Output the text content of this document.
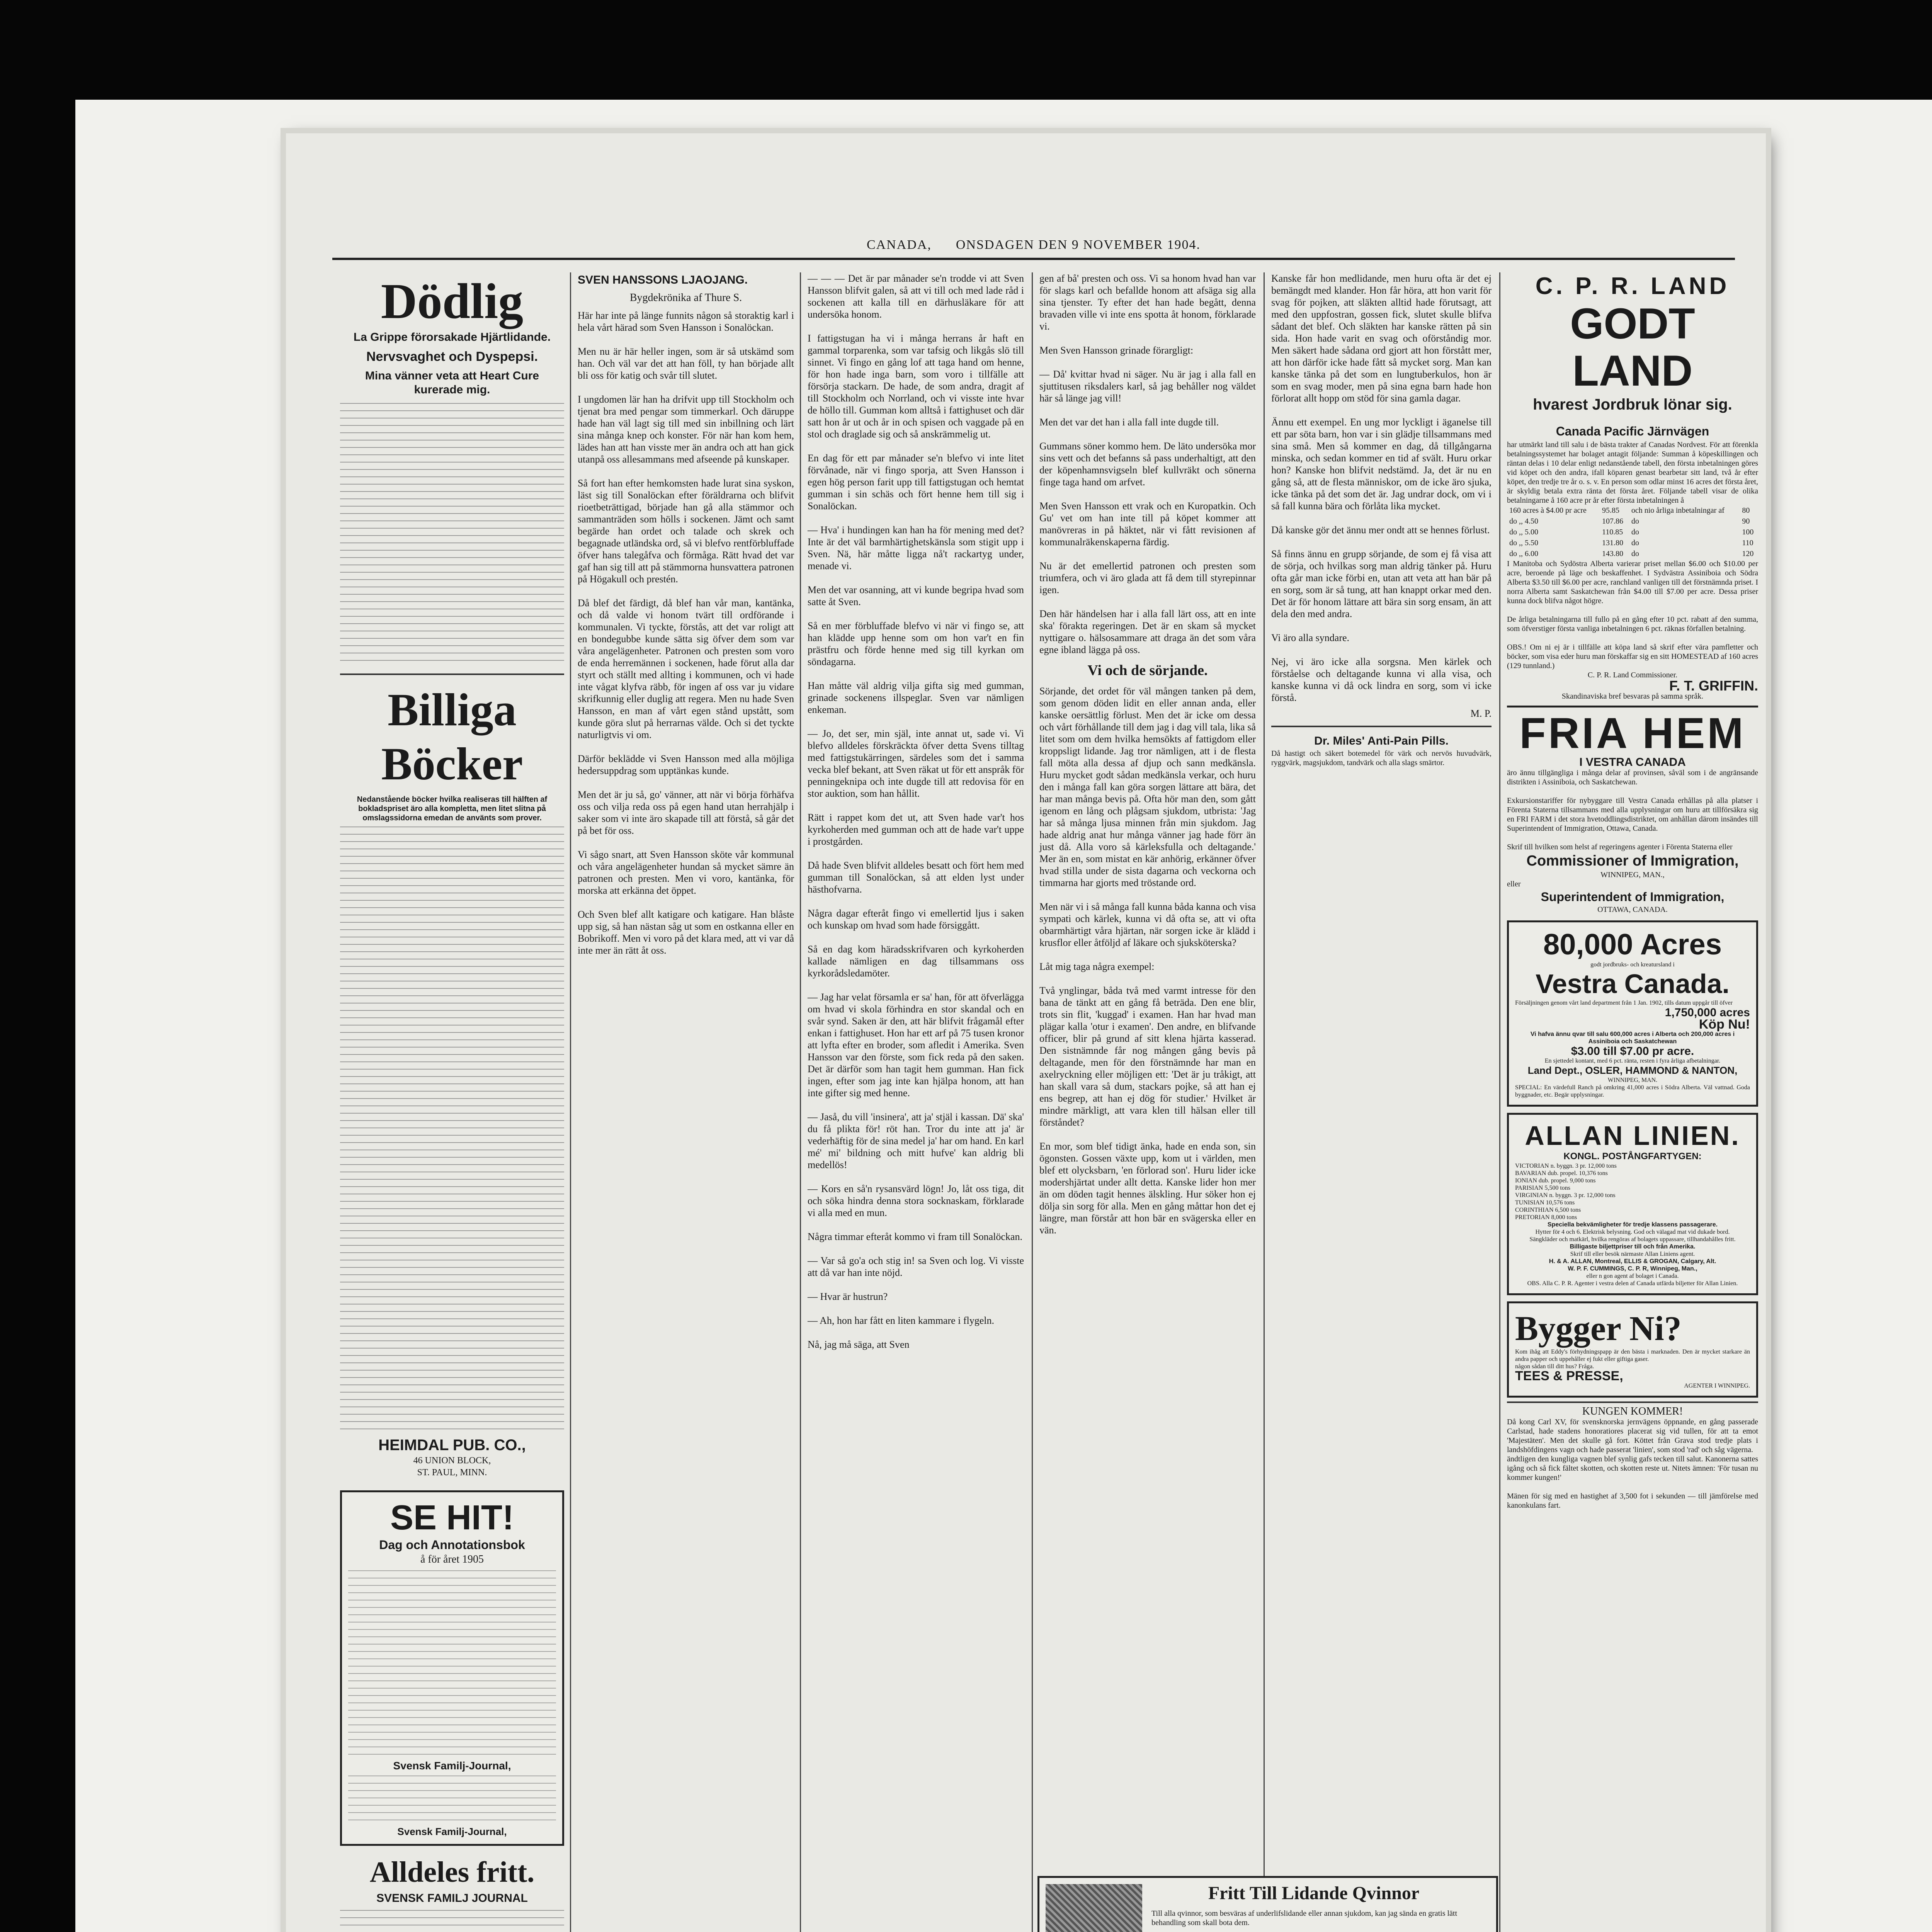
CANADA, ONSDAGEN DEN 9 NOVEMBER 1904.
Dödlig
La Grippe förorsakade Hjärtlidande.
Nervsvaghet och Dyspepsi.
Mina vänner veta att Heart Cure kurerade mig.
Billiga Böcker
Nedanstående böcker hvilka realiseras till hälften af bokladspriset äro alla kompletta, men litet slitna på omslagssidorna emedan de använts som prover.
HEIMDAL PUB. CO.,
46 UNION BLOCK,
ST. PAUL, MINN.
SE HIT!
Dag och Annotationsbok
å för året 1905
Svensk Familj-Journal,
Svensk Familj-Journal,
Alldeles fritt.
SVENSK FAMILJ JOURNAL
SVEN HANSSONS LJAOJANG.
Bygdekrönika af Thure S.
Här har inte på länge funnits någon så storaktig karl i hela vårt härad som Sven Hansson i Sonalöckan.

Men nu är här heller ingen, som är så utskämd som han. Och väl var det att han föll, ty han började allt bli oss för katig och svår till slutet.

I ungdomen lär han ha drifvit upp till Stockholm och tjenat bra med pengar som timmerkarl. Och däruppe hade han väl lagt sig till med sin inbillning och lärt sina många knep och konster. För när han kom hem, lädes han att han visste mer än andra och att han gick utanpå oss allesammans med afseende på kunskaper.

Så fort han efter hemkomsten hade lurat sina syskon, läst sig till Sonalöckan efter föräldrarna och blifvit rioetbeträttigad, började han gå alla stämmor och sammanträden som hölls i sockenen. Jämt och samt begärde han ordet och talade och skrek och begagnade utländska ord, så vi blefvo rentförbluffade öfver hans talegåfva och förmåga. Rätt hvad det var gaf han sig till att på stämmorna hunsvattera patronen på Högakull och prestén.

Då blef det färdigt, då blef han vår man, kantänka, och då valde vi honom tvärt till ordförande i kommunalen. Vi tyckte, förstås, att det var roligt att en bondegubbe kunde sätta sig öfver dem som var våra angelägenheter. Patronen och presten som voro de enda herremännen i sockenen, hade förut alla dar styrt och ställt med allting i kommunen, och vi hade inte vågat klyfva räbb, för ingen af oss var ju vidare skrifkunnig eller duglig att regera. Men nu hade Sven Hansson, en man af vårt egen stånd upstått, som kunde göra slut på herrarnas välde. Och si det tyckte naturligtvis vi om.

Därför beklädde vi Sven Hansson med alla möjliga hedersuppdrag som upptänkas kunde.

Men det är ju så, go' vänner, att när vi börja förhäfva oss och vilja reda oss på egen hand utan herrahjälp i saker som vi inte äro skapade till att förstå, så går det på bet för oss.

Vi sågo snart, att Sven Hansson sköte vår kommunal och våra angelägenheter hundan så mycket sämre än patronen och presten. Men vi voro, kantänka, för morska att erkänna det öppet.

Och Sven blef allt katigare och katigare. Han blåste upp sig, så han nästan såg ut som en ostkanna eller en Bobrikoff. Men vi voro på det klara med, att vi var då inte mer än rätt åt oss.
— — — Det är par månader se'n trodde vi att Sven Hansson blifvit galen, så att vi till och med lade råd i sockenen att kalla till en därhusläkare för att undersöka honom.

I fattigstugan ha vi i många herrans år haft en gammal torparenka, som var tafsig och likgås slö till sinnet. Vi fingo en gång lof att taga hand om henne, för hon hade inga barn, som voro i tillfälle att försörja stackarn. De hade, de som andra, dragit af till Stockholm och Norrland, och vi visste inte hvar de höllo till. Gumman kom alltså i fattighuset och där satt hon år ut och år in och spisen och vaggade på en stol och draglade sig och så anskrämmelig ut.

En dag för ett par månader se'n blefvo vi inte litet förvånade, när vi fingo sporja, att Sven Hansson i egen hög person farit upp till fattigstugan och hemtat gumman i sin schäs och fört henne hem till sig i Sonalöckan.

— Hva' i hundingen kan han ha för mening med det? Inte är det väl barmhärtighetskänsla som stigit upp i Sven. Nä, här måtte ligga nå't rackartyg under, menade vi.

Men det var osanning, att vi kunde begripa hvad som satte åt Sven.

Så en mer förbluffade blefvo vi när vi fingo se, att han klädde upp henne som om hon var't en fin prästfru och förde henne med sig till kyrkan om söndagarna.

Han måtte väl aldrig vilja gifta sig med gumman, grinade sockenens illspeglar. Sven var nämligen enkeman.

— Jo, det ser, min själ, inte annat ut, sade vi. Vi blefvo alldeles förskräckta öfver detta Svens tilltag med fattigstukärringen, särdeles som det i samma vecka blef bekant, att Sven räkat ut för ett anspråk för penningeknipa och inte dugde till att redovisa för en stor auktion, som han hållit.

Rätt i rappet kom det ut, att Sven hade var't hos kyrkoherden med gumman och att de hade var't uppe i prostgården.

Då hade Sven blifvit alldeles besatt och fört hem med gumman till Sonalöckan, så att elden lyst under hästhofvarna.

Några dagar efteråt fingo vi emellertid ljus i saken och kunskap om hvad som hade försiggått.

Så en dag kom häradsskrifvaren och kyrkoherden kallade nämligen en dag tillsammans oss kyrkorådsledamöter.

— Jag har velat församla er sa' han, för att öfverlägga om hvad vi skola förhindra en stor skandal och en svår synd. Saken är den, att här blifvit frågamål efter enkan i fattighuset. Hon har ett arf på 75 tusen kronor att lyfta efter en broder, som afledit i Amerika. Sven Hansson var den förste, som fick reda på den saken. Det är därför som han tagit hem gumman. Han fick ingen, efter som jag inte kan hjälpa honom, att han inte gifter sig med henne.

— Jaså, du vill 'insinera', att ja' stjäl i kassan. Dä' ska' du få plikta för! röt han. Tror du inte att ja' är vederhäftig för de sina medel ja' har om hand. En karl mé' mi' bildning och mitt hufve' kan aldrig bli medellös!

— Kors en så'n rysansvärd lögn! Jo, låt oss tiga, dit och söka hindra denna stora socknaskam, förklarade vi alla med en mun.

Några timmar efteråt kommo vi fram till Sonalöckan.

— Var så go'a och stig in! sa Sven och log. Vi visste att då var han inte nöjd.

— Hvar är hustrun?

— Ah, hon har fått en liten kammare i flygeln.

Nå, jag må säga, att Sven
gen af bå' presten och oss. Vi sa honom hvad han var för slags karl och befallde honom att afsäga sig alla sina tjenster. Ty efter det han hade begått, denna bravaden ville vi inte ens spotta åt honom, förklarade vi.

Men Sven Hansson grinade förargligt:

— Då' kvittar hvad ni säger. Nu är jag i alla fall en sjuttitusen riksdalers karl, så jag behåller nog väldet här så länge jag vill!

Men det var det han i alla fall inte dugde till.

Gummans söner kommo hem. De läto undersöka mor sins vett och det befanns så pass underhaltigt, att den der köpenhamnsvigseln blef kullvräkt och sönerna finge taga hand om arfvet.

Men Sven Hansson ett vrak och en Kuropatkin. Och Gu' vet om han inte till på köpet kommer att manövreras in på häktet, när vi fått revisionen af kommunalräkenskaperna färdig.

Nu är det emellertid patronen och presten som triumfera, och vi äro glada att få dem till styrepinnar igen.

Den här händelsen har i alla fall lärt oss, att en inte ska' förakta regeringen. Det är en skam så mycket nyttigare o. hälsosammare att draga än det som våra egne ibland lägga på oss.
Vi och de sörjande.
Sörjande, det ordet för väl mången tanken på dem, som genom döden lidit en eller annan anda, eller kanske oersättlig förlust. Men det är icke om dessa och vårt förhållande till dem jag i dag vill tala, lika så litet som om dem hvilka hemsökts af fattigdom eller kroppsligt lidande. Jag tror nämligen, att i de flesta fall möta alla dessa af djup och sann medkänsla. Huru mycket godt sådan medkänsla verkar, och huru den i många fall kan göra sorgen lättare att bära, det har man många bevis på. Ofta hör man den, som gått igenom en lång och plågsam sjukdom, utbrista: 'Jag har så många ljusa minnen från min sjukdom. Jag hade aldrig anat hur många vänner jag hade förr än just då. Alla voro så kärleksfulla och deltagande.' Mer än en, som mistat en kär anhörig, erkänner öfver hvad stilla under de sista dagarna och veckorna och timmarna har gjorts med tröstande ord.

Men när vi i så många fall kunna båda kanna och visa sympati och kärlek, kunna vi då ofta se, att vi ofta obarmhärtigt våra hjärtan, när sorgen icke är klädd i krusflor eller åtföljd af läkare och sjuksköterska?

Låt mig taga några exempel:

Två ynglingar, båda två med varmt intresse för den bana de tänkt att en gång få beträda. Den ene blir, trots sin flit, 'kuggad' i examen. Han har hvad man plägar kalla 'otur i examen'. Den andre, en blifvande officer, blir på grund af sitt klena hjärta kasserad. Den sistnämnde får nog mången gång bevis på deltagande, men för den förstnämnde har man en axelryckning eller möjligen ett: 'Det är ju tråkigt, att han skall vara så dum, stackars pojke, så att han ej ens begrep, att han ej dög för studier.' Hvilket är mindre märkligt, att vara klen till hälsan eller till förståndet?

En mor, som blef tidigt änka, hade en enda son, sin ögonsten. Gossen växte upp, kom ut i världen, men blef ett olycksbarn, 'en förlorad son'. Huru lider icke modershjärtat under allt detta. Kanske lider hon mer än om döden tagit hennes älskling. Hur söker hon ej dölja sin sorg för alla. Men en gång måttar hon det ej längre, man förstår att hon bär en svägerska eller en vän.
Kanske får hon medlidande, men huru ofta är det ej bemängdt med klander. Hon får höra, att hon varit för svag för pojken, att släkten alltid hade förutsagt, att med den uppfostran, gossen fick, slutet skulle blifva sådant det blef. Och släkten har kanske rätten på sin sida. Hon hade varit en svag och oförståndig mor. Men säkert hade sådana ord gjort att hon förstått mer, att hon därför icke hade fått så mycket sorg. Man kan kanske tänka på det som en lungtuberkulos, hon är som en svag moder, men på sina egna barn hade hon förlorat allt hopp om stöd för sina gamla dagar.

Ännu ett exempel. En ung mor lyckligt i äganelse till ett par söta barn, hon var i sin glädje tillsammans med sina små. Men så kommer en dag, då tillgångarna minska, och sedan kommer en tid af svält. Huru orkar hon? Kanske hon blifvit nedstämd. Ja, det är nu en gång så, att de flesta människor, om de icke äro sjuka, icke tänka på det som det är. Jag undrar dock, om vi i så fall kunna bära och förlåta lika mycket.

Då kanske gör det ännu mer ondt att se hennes förlust.

Så finns ännu en grupp sörjande, de som ej få visa att de sörja, och hvilkas sorg man aldrig tänker på. Huru ofta går man icke förbi en, utan att veta att han bär på en sorg, som är så tung, att han knappt orkar med den. Det är för honom lättare att bära sin sorg ensam, än att dela den med andra.

Vi äro alla syndare.

Nej, vi äro icke alla sorgsna. Men kärlek och förståelse och deltagande kunna vi alla visa, och kanske kunna vi då ock lindra en sorg, som vi icke förstå.
M. P.
Dr. Miles' Anti-Pain Pills.
Då hastigt och säkert botemedel för värk och nervös huvudvärk, ryggvärk, magsjukdom, tandvärk och alla slags smärtor.
Fritt Till Lidande Qvinnor
Till alla qvinnor, som besväras af underlifslidande eller annan sjukdom, kan jag sända en gratis lätt behandling som skall bota dem.
C. P. R. LAND
GODT LAND
hvarest Jordbruk lönar sig.
Canada Pacific Järnvägen
har utmärkt land till salu i de bästa trakter af Canadas Nordvest. För att förenkla betalningssystemet har bolaget antagit följande: Summan å köpeskillingen och räntan delas i 10 delar enligt nedanstående tabell, den första inbetalningen göres vid köpet och den andra, ifall köparen genast bearbetar sitt land, två år efter köpet, den tredje tre år o. s. v. En person som odlar minst 16 acres det första året, är skyldig betala extra ränta det första året. Följande tabell visar de olika betalningarne å 160 acre pr år efter första inbetalningen å
160 acres à $4.00 pr acre	95.85	och nio årliga inbetalningar af	80
do ,, 4.50	107.86	do	90
do ,, 5.00	110.85	do	100
do ,, 5.50	131.80	do	110
do ,, 6.00	143.80	do	120
I Manitoba och Sydöstra Alberta varierar priset mellan $6.00 och $10.00 per acre, beroende på läge och beskaffenhet. I Sydvästra Assiniboia och Södra Alberta $3.50 till $6.00 per acre, ranchland vanligen till det förstnämnda priset. I norra Alberta samt Saskatchewan från $4.00 till $7.00 per acre. Dessa priser kunna dock blifva något högre.

De årliga betalningarna till fullo på en gång efter 10 pct. rabatt af den summa, som öfverstiger första vanliga inbetalningen 6 pct. räknas förfallen betalning.

OBS.! Om ni ej är i tillfälle att köpa land så skrif efter vära pamfletter och böcker, som visa eder huru man förskaffar sig en sitt HOMESTEAD af 160 acres (129 tunnland.)
C. P. R. Land Commissioner.
F. T. GRIFFIN.
Skandinaviska bref besvaras på samma språk.
FRIA HEM
I VESTRA CANADA
äro ännu tillgängliga i många delar af provinsen, såväl som i de angränsande distrikten i Assiniboia, och Saskatchewan.

Exkursionstariffer för nybyggare till Vestra Canada erhållas på alla platser i Förenta Staterna tillsammans med alla upplysningar om huru att tillförsäkra sig en FRI FARM i det stora hvetoddlingsdistriktet, om anhållan därom insändes till Superintendent of Immigration, Ottawa, Canada.

Skrif till hvilken som helst af regeringens agenter i Förenta Staterna eller
Commissioner of Immigration,
WINNIPEG, MAN.,
eller
Superintendent of Immigration,
OTTAWA, CANADA.
80,000 Acres
godt jordbruks- och kreatursland i
Vestra Canada.
Försäljningen genom vårt land department från 1 Jan. 1902, tills datum uppgår till öfver
1,750,000 acres
Köp Nu!
Vi hafva ännu qvar till salu 600,000 acres i Alberta och 200,000 acres i Assiniboia och Saskatchewan
$3.00 till $7.00 pr acre.
En sjettedel kontant, med 6 pct. ränta, resten i fyra årliga afbetalningar.
Land Dept., OSLER, HAMMOND & NANTON,
WINNIPEG, MAN.
SPECIAL: En värdefull Ranch på omkring 41,000 acres i Södra Alberta. Väl vattnad. Goda byggnader, etc. Begär upplysningar.
ALLAN LINIEN.
KONGL. POSTÅNGFARTYGEN:
VICTORIAN n. byggn. 3 pr. 12,000 tons
BAVARIAN dub. propel. 10,376 tons
IONIAN dub. propel. 9,000 tons
PARISIAN 5,500 tons
VIRGINIAN n. byggn. 3 pr. 12,000 tons
TUNISIAN 10,576 tons
CORINTHIAN 6,500 tons
PRETORIAN 8,000 tons
Speciella bekvämligheter för tredje klassens passagerare.
Hytter för 4 och 6. Elektrisk belysning. God och välagad mat vid dukade bord.
Sängkläder och matkärl, hvilka rengöras af bolagets uppassare, tillhandahålles fritt.
Billigaste biljettpriser till och från Amerika.
Skrif till eller besök närmaste Allan Liniens agent.
H. & A. ALLAN, Montreal, ELLIS & GROGAN, Calgary, Alt.
W. P. F. CUMMINGS, C. P. R, Winnipeg, Man.,
eller n gon agent af bolaget i Canada.
OBS. Alla C. P. R. Agenter i vestra delen af Canada utfärda biljetter för Allan Linien.
Bygger Ni?
Kom ihåg att Eddy's förhydningspapp är den bästa i marknaden. Den är mycket starkare än andra papper och uppehåller ej fukt eller giftiga gaser.
någon sådan till ditt hus? Fråga.
TEES & PRESSE,
AGENTER I WINNIPEG.
KUNGEN KOMMER!
Då kong Carl XV, för svensknorska jernvägens öppnande, en gång passerade Carlstad, hade stadens honoratiores placerat sig vid tullen, för att ta emot 'Majestäten'. Men det skulle gå fort. Köttet från Grava stod tredje plats i landshöfdingens vagn och hade passerat 'linien', som stod 'rad' och såg vägerna.
ändtligen den kungliga vagnen blef synlig gafs tecken till salut. Kanonerna sattes igång och så fick fältet skotten, och skotten reste ut. Nitets ämnen: 'För tusan nu kommer kungen!'

Mänen för sig med en hastighet af 3,500 fot i sekunden — till jämförelse med kanonkulans fart.
